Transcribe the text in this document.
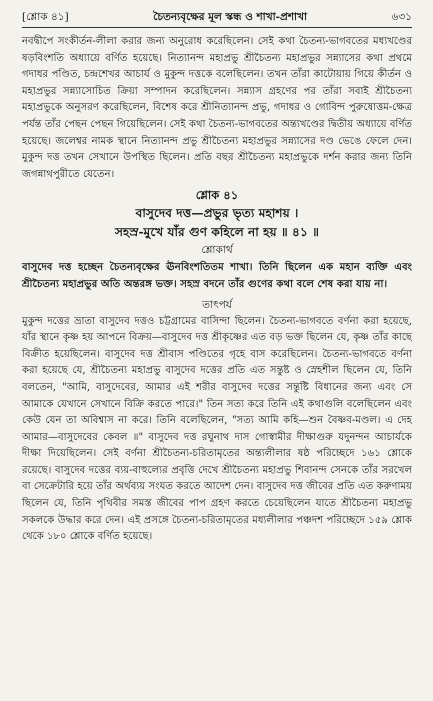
[শ্লোক ৪১]	চৈতন্যবৃক্ষের মূল স্কন্ধ ও শাখা-প্রশাখা	৬৩১

নবদ্বীপে সংকীর্তন-লীলা করার জন্য অনুরোধ করেছিলেন। সেই কথা চৈতন্য-ভাগবতের মধ্যখণ্ডের ষড়বিংশতি অধ্যায়ে বর্ণিত হয়েছে। নিত্যানন্দ মহাপ্রভু শ্রীচৈতন্য মহাপ্রভুর সন্ন্যাসের কথা প্রথমে গদাধর পণ্ডিত, চন্দ্রশেখর আচার্য ও মুকুন্দ দত্তকে বলেছিলেন। তখন তাঁরা কাটোয়ায় গিয়ে কীর্তন ও মহাপ্রভুর সন্ন্যাসোচিত ক্রিয়া সম্পাদন করেছিলেন। সন্ন্যাস গ্রহণের পর তাঁরা সবাই শ্রীচৈতন্য মহাপ্রভুকে অনুসরণ করেছিলেন, বিশেষ করে শ্রীনিত্যানন্দ প্রভু, গদাধর ও গোবিন্দ পুরুষোত্তম-ক্ষেত্র পর্যন্ত তাঁর পেছন পেছন গিয়েছিলেন। সেই কথা চৈতন্য-ভাগবতের অন্ত্যখণ্ডের দ্বিতীয় অধ্যায়ে বর্ণিত হয়েছে। জলেশ্বর নামক স্থানে নিত্যানন্দ প্রভু শ্রীচৈতন্য মহাপ্রভুর সন্ন্যাসের দণ্ড ভেঙে ফেলে দেন। মুকুন্দ দত্ত তখন সেখানে উপস্থিত ছিলেন। প্রতি বছর শ্রীচৈতন্য মহাপ্রভুকে দর্শন করার জন্য তিনি জগন্নাথপুরীতে যেতেন।

শ্লোক ৪১

বাসুদেব দত্ত—প্রভুর ভৃত্য মহাশয় ।

সহস্র-মুখে যাঁর গুণ কহিলে না হয় ॥ ৪১ ॥

শ্লোকার্থ

বাসুদেব দত্ত হচ্ছেন চৈতন্যবৃক্ষের ঊনবিংশতিতম শাখা। তিনি ছিলেন এক মহান ব্যক্তি এবং শ্রীচৈতন্য মহাপ্রভুর অতি অন্তরঙ্গ ভক্ত। সহস্র বদনে তাঁর গুণের কথা বলে শেষ করা যায় না।

তাৎপর্য

মুকুন্দ দত্তের ভ্রাতা বাসুদেব দত্তও চট্টগ্রামের বাসিন্দা ছিলেন। চৈতন্য-ভাগবতে বর্ণনা করা হয়েছে, যাঁর স্থানে কৃষ্ণ হয় আপনে বিক্রয়—বাসুদেব দত্ত শ্রীকৃষ্ণের এত বড় ভক্ত ছিলেন যে, কৃষ্ণ তাঁর কাছে বিক্রীত হয়েছিলেন। বাসুদেব দত্ত শ্রীবাস পণ্ডিতের গৃহে বাস করেছিলেন। চৈতন্য-ভাগবতে বর্ণনা করা হয়েছে যে, শ্রীচৈতন্য মহাপ্রভু বাসুদেব দত্তের প্রতি এত সন্তুষ্ট ও স্নেহশীল ছিলেন যে, তিনি বলতেন, "আমি, বাসুদেবের, আমার এই শরীর বাসুদেব দত্তের সন্তুষ্টি বিধানের জন্য এবং সে আমাকে যেখানে সেখানে বিক্রি করতে পারে।" তিন সত্য করে তিনি এই কথাগুলি বলেছিলেন এবং কেউ যেন তা অবিশ্বাস না করে। তিনি বলেছিলেন, "সত্য আমি কহি—শুন বৈষ্ণব-মণ্ডল। এ দেহ আমার—বাসুদেবের কেবল ॥" বাসুদেব দত্ত রঘুনাথ দাস গোস্বামীর দীক্ষাগুরু যদুনন্দন আচার্যকে দীক্ষা দিয়েছিলেন। সেই বর্ণনা শ্রীচৈতন্য-চরিতামৃতের অন্ত্যলীলার ষষ্ঠ পরিচ্ছেদে ১৬১ শ্লোকে রয়েছে। বাসুদেব দত্তের ব্যয়-বাহুল্যের প্রবৃত্তি দেখে শ্রীচৈতন্য মহাপ্রভু শিবানন্দ সেনকে তাঁর সরখেল বা সেক্রেটারি হয়ে তাঁর অর্থব্যয় সংযত করতে আদেশ দেন। বাসুদেব দত্ত জীবের প্রতি এত করুণাময় ছিলেন যে, তিনি পৃথিবীর সমস্ত জীবের পাপ গ্রহণ করতে চেয়েছিলেন যাতে শ্রীচৈতন্য মহাপ্রভু সকলকে উদ্ধার করে দেন। এই প্রসঙ্গে চৈতন্য-চরিতামৃতের মধ্যলীলার পঞ্চদশ পরিচ্ছেদে ১৫৯ শ্লোক থেকে ১৮০ শ্লোকে বর্ণিত হয়েছে।
